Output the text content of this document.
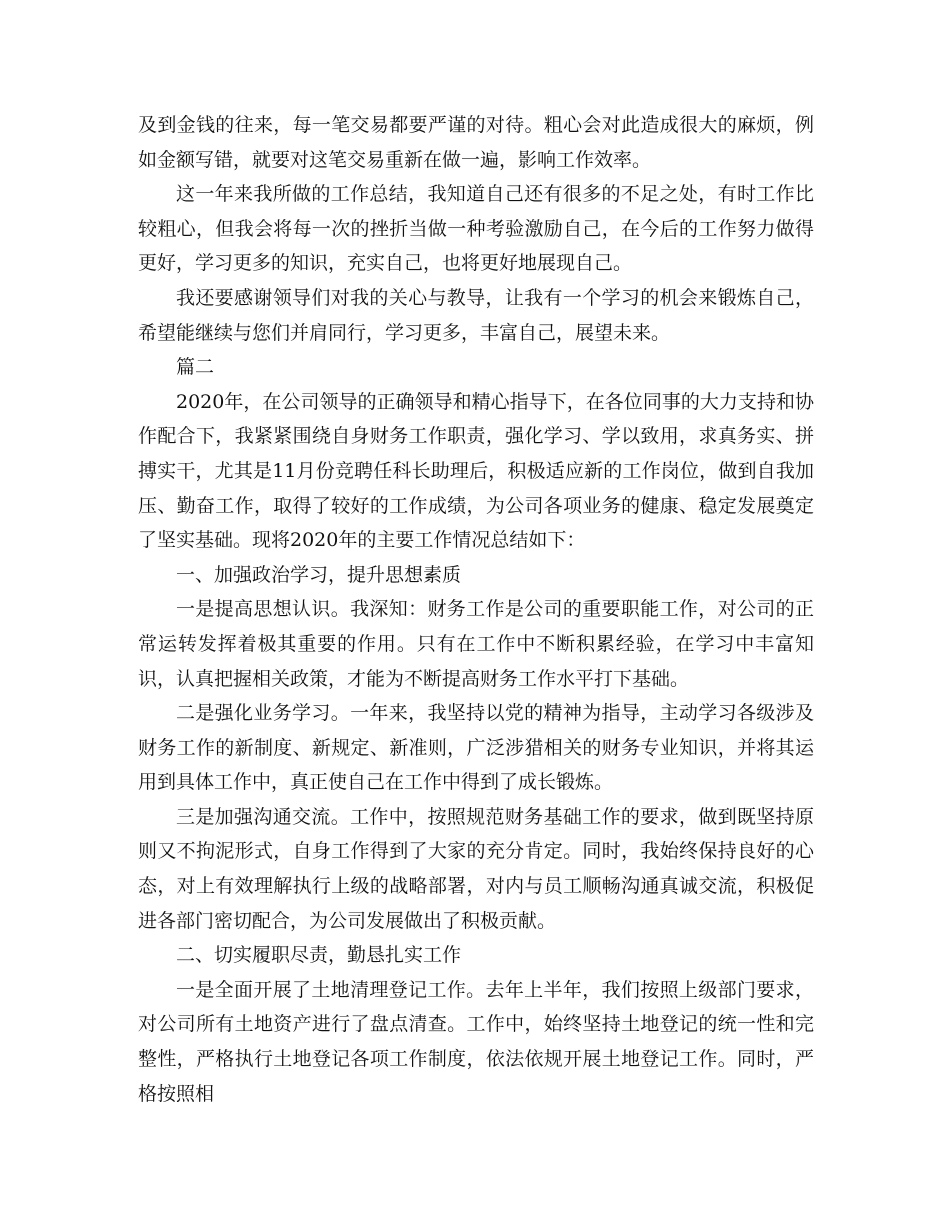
及到金钱的往来，每一笔交易都要严谨的对待。粗心会对此造成很大的麻烦，例如金额写错，就要对这笔交易重新在做一遍，影响工作效率。

这一年来我所做的工作总结，我知道自己还有很多的不足之处，有时工作比较粗心，但我会将每一次的挫折当做一种考验激励自己，在今后的工作努力做得更好，学习更多的知识，充实自己，也将更好地展现自己。

我还要感谢领导们对我的关心与教导，让我有一个学习的机会来锻炼自己，希望能继续与您们并肩同行，学习更多，丰富自己，展望未来。

篇二

2020年，在公司领导的正确领导和精心指导下，在各位同事的大力支持和协作配合下，我紧紧围绕自身财务工作职责，强化学习、学以致用，求真务实、拼搏实干，尤其是11月份竞聘任科长助理后，积极适应新的工作岗位，做到自我加压、勤奋工作，取得了较好的工作成绩，为公司各项业务的健康、稳定发展奠定了坚实基础。现将2020年的主要工作情况总结如下：

一、加强政治学习，提升思想素质

一是提高思想认识。我深知：财务工作是公司的重要职能工作，对公司的正常运转发挥着极其重要的作用。只有在工作中不断积累经验，在学习中丰富知识，认真把握相关政策，才能为不断提高财务工作水平打下基础。

二是强化业务学习。一年来，我坚持以党的精神为指导，主动学习各级涉及财务工作的新制度、新规定、新准则，广泛涉猎相关的财务专业知识，并将其运用到具体工作中，真正使自己在工作中得到了成长锻炼。

三是加强沟通交流。工作中，按照规范财务基础工作的要求，做到既坚持原则又不拘泥形式，自身工作得到了大家的充分肯定。同时，我始终保持良好的心态，对上有效理解执行上级的战略部署，对内与员工顺畅沟通真诚交流，积极促进各部门密切配合，为公司发展做出了积极贡献。

二、切实履职尽责，勤恳扎实工作

一是全面开展了土地清理登记工作。去年上半年，我们按照上级部门要求，对公司所有土地资产进行了盘点清查。工作中，始终坚持土地登记的统一性和完整性，严格执行土地登记各项工作制度，依法依规开展土地登记工作。同时，严格按照相
